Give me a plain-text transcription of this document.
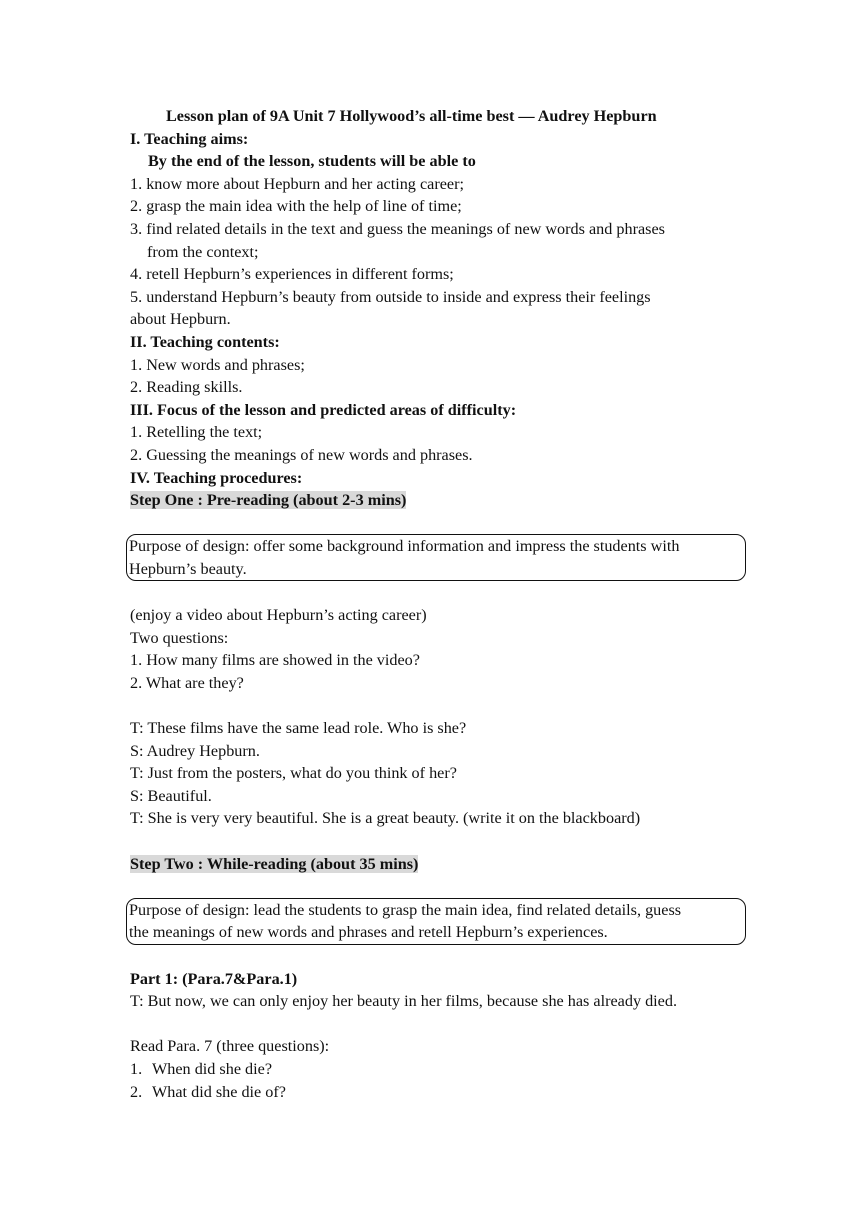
Lesson plan of 9A Unit 7 Hollywood’s all-time best — Audrey Hepburn
I. Teaching aims:
By the end of the lesson, students will be able to
1. know more about Hepburn and her acting career;
2. grasp the main idea with the help of line of time;
3. find related details in the text and guess the meanings of new words and phrases
from the context;
4. retell Hepburn’s experiences in different forms;
5. understand Hepburn’s beauty from outside to inside and express their feelings
about Hepburn.
II. Teaching contents:
1. New words and phrases;
2. Reading skills.
III. Focus of the lesson and predicted areas of difficulty:
1. Retelling the text;
2. Guessing the meanings of new words and phrases.
IV. Teaching procedures:
Step One : Pre-reading (about 2-3 mins)
Purpose of design: offer some background information and impress the students with
Hepburn’s beauty.
(enjoy a video about Hepburn’s acting career)
Two questions:
1. How many films are showed in the video?
2. What are they?
T: These films have the same lead role. Who is she?
S: Audrey Hepburn.
T: Just from the posters, what do you think of her?
S: Beautiful.
T: She is very very beautiful. She is a great beauty. (write it on the blackboard)
Step Two : While-reading (about 35 mins)
Purpose of design: lead the students to grasp the main idea, find related details, guess
the meanings of new words and phrases and retell Hepburn’s experiences.
Part 1: (Para.7&Para.1)
T: But now, we can only enjoy her beauty in her films, because she has already died.
Read Para. 7 (three questions):
1. When did she die?
2. What did she die of?
